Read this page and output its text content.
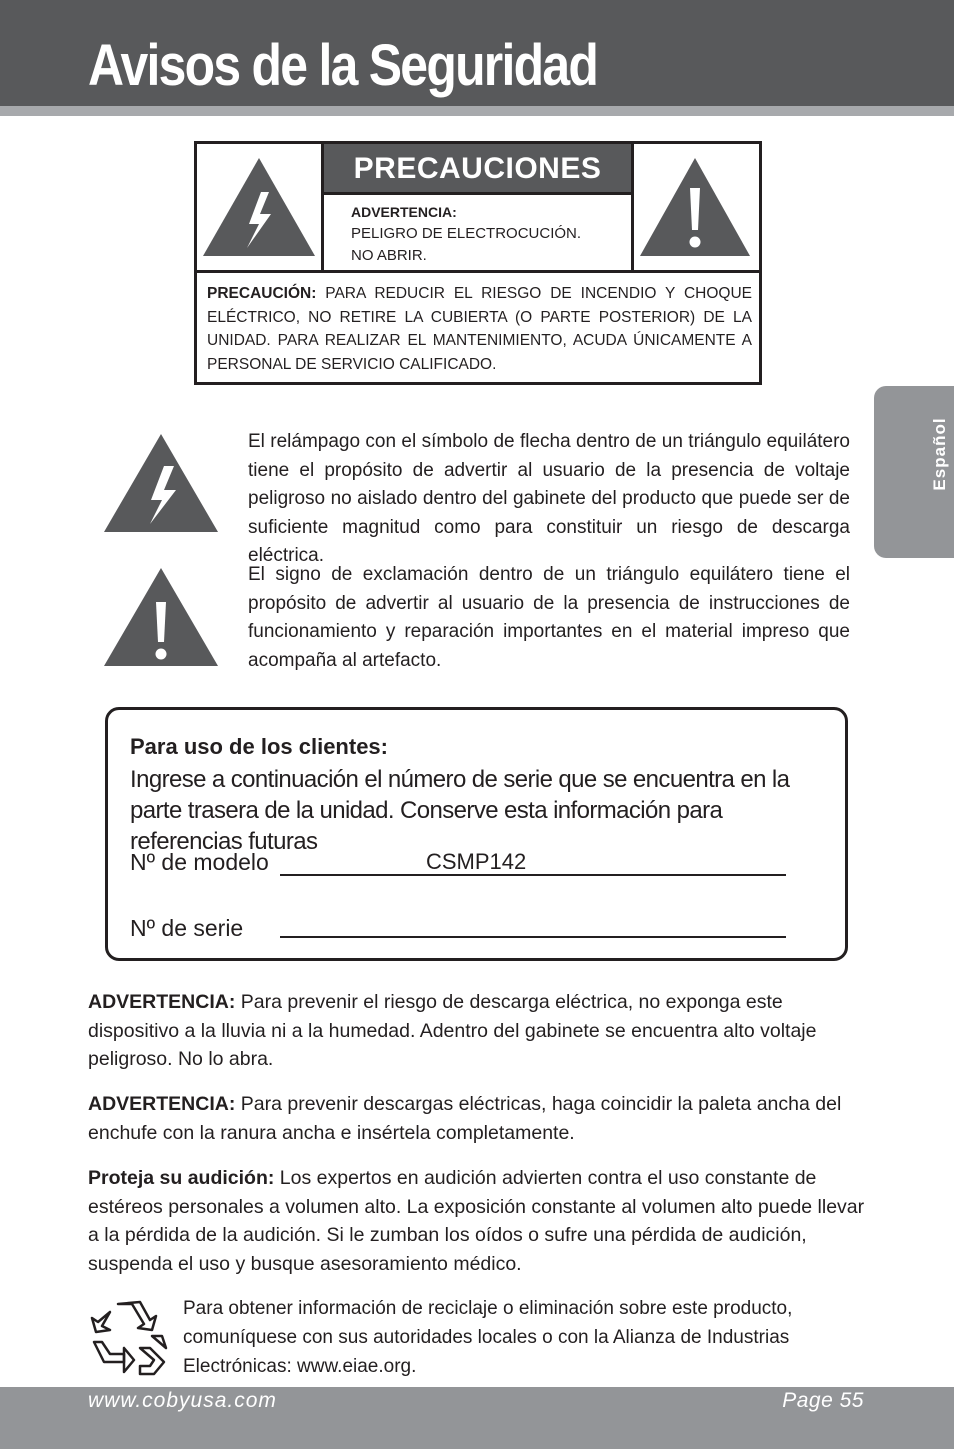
Avisos de la Seguridad
Español
PRECAUCIONES
ADVERTENCIA:
PELIGRO DE ELECTROCUCIÓN.
NO ABRIR.
PRECAUCIÓN: PARA REDUCIR EL RIESGO DE INCENDIO Y CHOQUE ELÉCTRICO, NO RETIRE LA CUBIERTA (O PARTE POSTERIOR) DE LA UNIDAD. PARA REALIZAR EL MANTENIMIENTO, ACUDA ÚNICAMENTE A PERSONAL DE SERVICIO CALIFICADO.
El relámpago con el símbolo de flecha dentro de un triángulo equilátero tiene el propósito de advertir al usuario de la presencia de voltaje peligroso no aislado dentro del gabinete del producto que puede ser de suficiente magnitud como para constituir un riesgo de descarga eléctrica.
El signo de exclamación dentro de un triángulo equilátero tiene el propósito de advertir al usuario de la presencia de instrucciones de funcionamiento y reparación importantes en el material impreso que acompaña al artefacto.
Para uso de los clientes:
Ingrese a continuación el número de serie que se encuentra en la parte trasera de la unidad. Conserve esta información para referencias futuras
Nº de modelo	CSMP142
Nº de serie
ADVERTENCIA: Para prevenir el riesgo de descarga eléctrica, no exponga este dispositivo a la lluvia ni a la humedad. Adentro del gabinete se encuentra alto voltaje peligroso. No lo abra.
ADVERTENCIA: Para prevenir descargas eléctricas, haga coincidir la paleta ancha del enchufe con la ranura ancha e insértela completamente.
Proteja su audición: Los expertos en audición advierten contra el uso constante de estéreos personales a volumen alto. La exposición constante al volumen alto puede llevar a la pérdida de la audición. Si le zumban los oídos o sufre una pérdida de audición, suspenda el uso y busque asesoramiento médico.
Para obtener información de reciclaje o eliminación sobre este producto, comuníquese con sus autoridades locales o con la Alianza de Industrias Electrónicas: www.eiae.org.
www.cobyusa.com	Page 55
